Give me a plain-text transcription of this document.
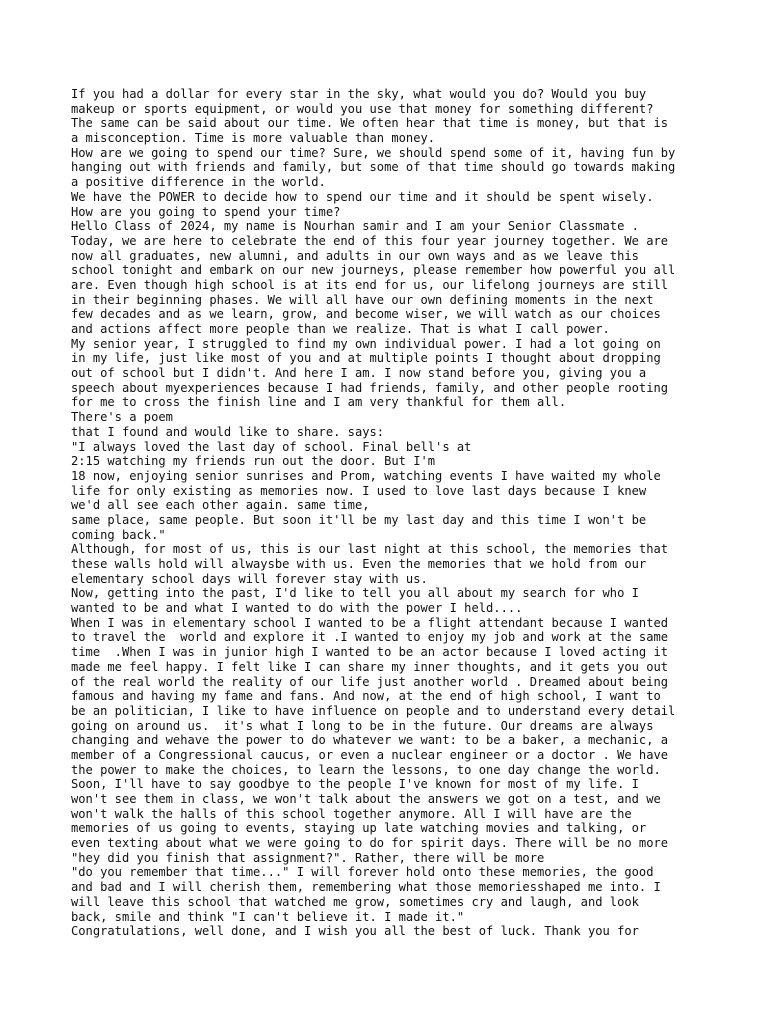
If you had a dollar for every star in the sky, what would you do? Would you buy
makeup or sports equipment, or would you use that money for something different?
The same can be said about our time. We often hear that time is money, but that is
a misconception. Time is more valuable than money.
How are we going to spend our time? Sure, we should spend some of it, having fun by
hanging out with friends and family, but some of that time should go towards making
a positive difference in the world.
We have the POWER to decide how to spend our time and it should be spent wisely.
How are you going to spend your time?
Hello Class of 2024, my name is Nourhan samir and I am your Senior Classmate .
Today, we are here to celebrate the end of this four year journey together. We are
now all graduates, new alumni, and adults in our own ways and as we leave this
school tonight and embark on our new journeys, please remember how powerful you all
are. Even though high school is at its end for us, our lifelong journeys are still
in their beginning phases. We will all have our own defining moments in the next
few decades and as we learn, grow, and become wiser, we will watch as our choices
and actions affect more people than we realize. That is what I call power.
My senior year, I struggled to find my own individual power. I had a lot going on
in my life, just like most of you and at multiple points I thought about dropping
out of school but I didn't. And here I am. I now stand before you, giving you a
speech about myexperiences because I had friends, family, and other people rooting
for me to cross the finish line and I am very thankful for them all.
There's a poem
that I found and would like to share. says:
"I always loved the last day of school. Final bell's at
2:15 watching my friends run out the door. But I'm
18 now, enjoying senior sunrises and Prom, watching events I have waited my whole
life for only existing as memories now. I used to love last days because I knew
we'd all see each other again. same time,
same place, same people. But soon it'll be my last day and this time I won't be
coming back."
Although, for most of us, this is our last night at this school, the memories that
these walls hold will alwaysbe with us. Even the memories that we hold from our
elementary school days will forever stay with us.
Now, getting into the past, I'd like to tell you all about my search for who I
wanted to be and what I wanted to do with the power I held....
When I was in elementary school I wanted to be a flight attendant because I wanted
to travel the  world and explore it .I wanted to enjoy my job and work at the same
time  .When I was in junior high I wanted to be an actor because I loved acting it
made me feel happy. I felt like I can share my inner thoughts, and it gets you out
of the real world the reality of our life just another world . Dreamed about being
famous and having my fame and fans. And now, at the end of high school, I want to
be an politician, I like to have influence on people and to understand every detail
going on around us.  it's what I long to be in the future. Our dreams are always
changing and wehave the power to do whatever we want: to be a baker, a mechanic, a
member of a Congressional caucus, or even a nuclear engineer or a doctor . We have
the power to make the choices, to learn the lessons, to one day change the world.
Soon, I'll have to say goodbye to the people I've known for most of my life. I
won't see them in class, we won't talk about the answers we got on a test, and we
won't walk the halls of this school together anymore. All I will have are the
memories of us going to events, staying up late watching movies and talking, or
even texting about what we were going to do for spirit days. There will be no more
"hey did you finish that assignment?". Rather, there will be more
"do you remember that time..." I will forever hold onto these memories, the good
and bad and I will cherish them, remembering what those memoriesshaped me into. I
will leave this school that watched me grow, sometimes cry and laugh, and look
back, smile and think "I can't believe it. I made it."
Congratulations, well done, and I wish you all the best of luck. Thank you for
